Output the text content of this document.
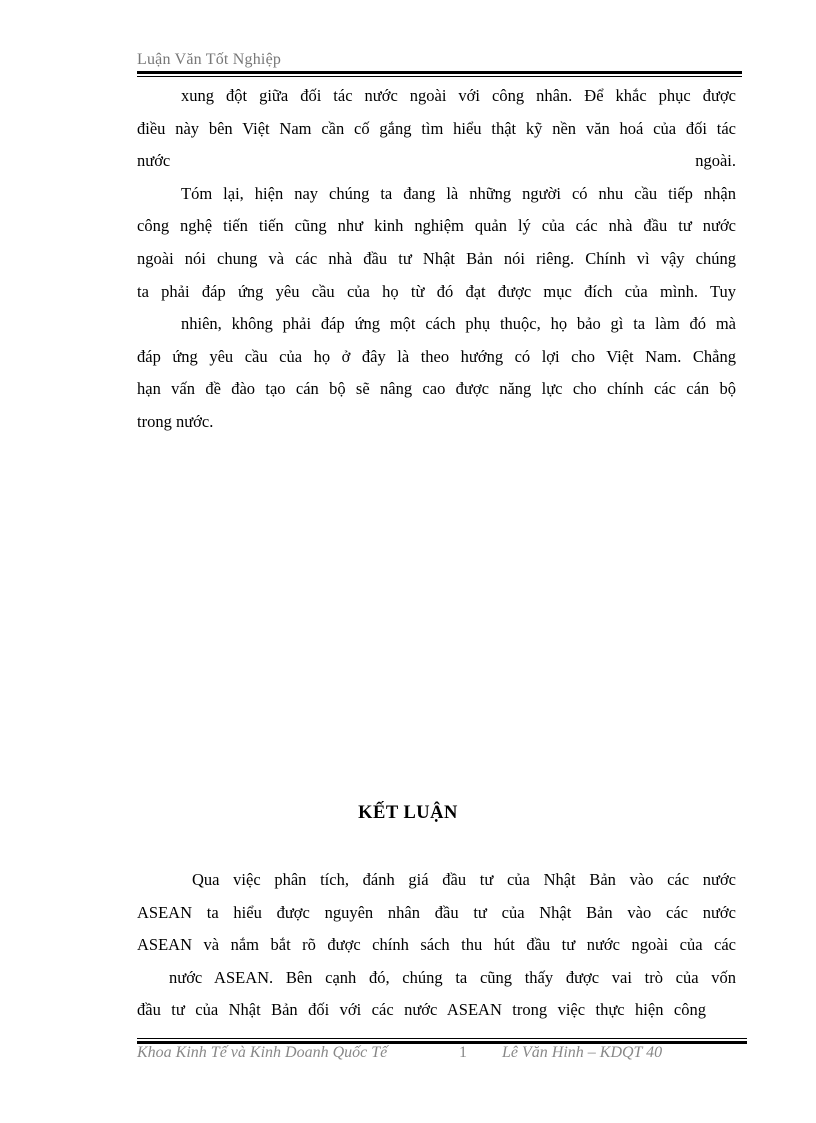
Luận Văn Tốt Nghiệp
xung đột giữa đối tác nước ngoài với công nhân. Để khắc phục được
điều này bên Việt Nam cần cố gắng tìm hiểu thật kỹ nền văn hoá của đối tác
nước ngoài.
Tóm lại, hiện nay chúng ta đang là những người có nhu cầu tiếp nhận
công nghệ tiến tiến cũng như kinh nghiệm quản lý của các nhà đầu tư nước
ngoài nói chung và các nhà đầu tư Nhật Bản nói riêng. Chính vì vậy chúng
ta phải đáp ứng yêu cầu của họ từ đó đạt được mục đích của mình. Tuy
nhiên, không phải đáp ứng một cách phụ thuộc, họ bảo gì ta làm đó mà
đáp ứng yêu cầu của họ ở đây là theo hướng có lợi cho Việt Nam. Chẳng
hạn vấn đề đào tạo cán bộ sẽ nâng cao được năng lực cho chính các cán bộ
trong nước.
KẾT LUẬN
Qua việc phân tích, đánh giá đầu tư của Nhật Bản vào các nước
ASEAN ta hiểu được nguyên nhân đầu tư của Nhật Bản vào các nước
ASEAN và nắm bắt rõ được chính sách thu hút đầu tư nước ngoài của các
nước ASEAN. Bên cạnh đó, chúng ta cũng thấy được vai trò của vốn
đầu tư của Nhật Bản đối với các nước ASEAN trong việc thực hiện công
Khoa Kinh Tế và Kinh Doanh Quốc Tế	1 Lê Văn Hinh – KDQT 40
